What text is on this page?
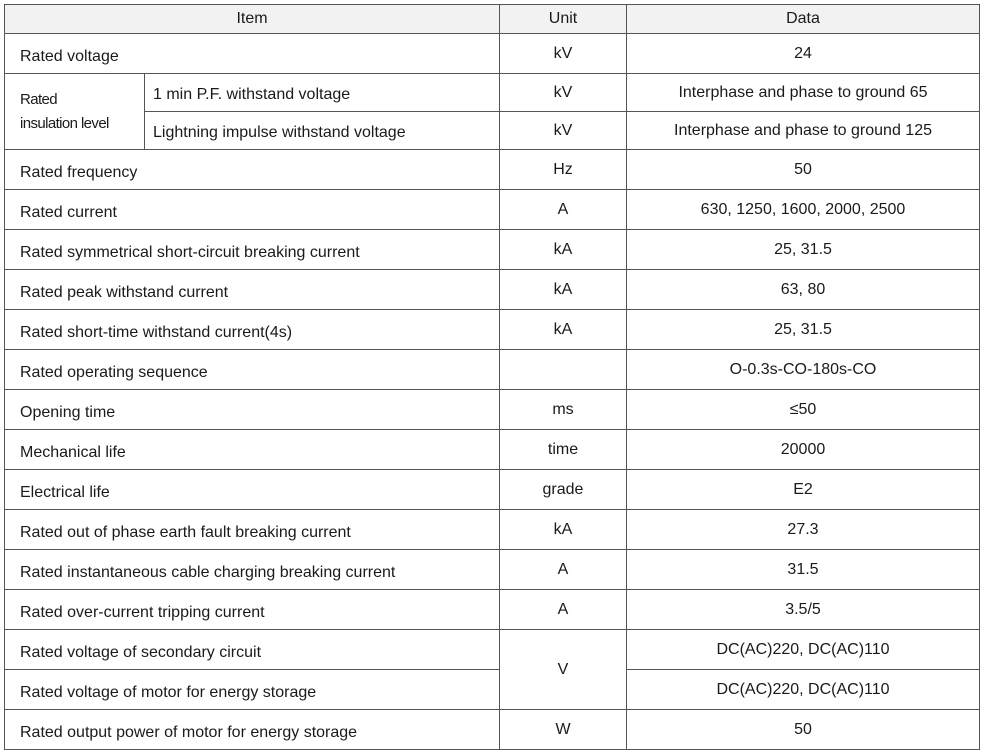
Item		Unit	Data
Rated voltage		kV	24

Rated
insulation level	1 min P.F. withstand voltage	kV	Interphase and phase to ground 65
	Lightning impulse withstand voltage	kV	Interphase and phase to ground 125
Rated frequency		Hz	50
Rated current		A	630, 1250, 1600, 2000, 2500
Rated symmetrical short-circuit breaking current		kA	25, 31.5
Rated peak withstand current		kA	63, 80
Rated short-time withstand current(4s)		kA	25, 31.5
Rated operating sequence			O-0.3s-CO-180s-CO
Opening time		ms	≤50
Mechanical life		time	20000
Electrical life		grade	E2
Rated out of phase earth fault breaking current		kA	27.3
Rated instantaneous cable charging breaking current		A	31.5
Rated over-current tripping current		A	3.5/5
Rated voltage of secondary circuit		V	DC(AC)220, DC(AC)110
Rated voltage of motor for energy storage			DC(AC)220, DC(AC)110
Rated output power of motor for energy storage		W	50
